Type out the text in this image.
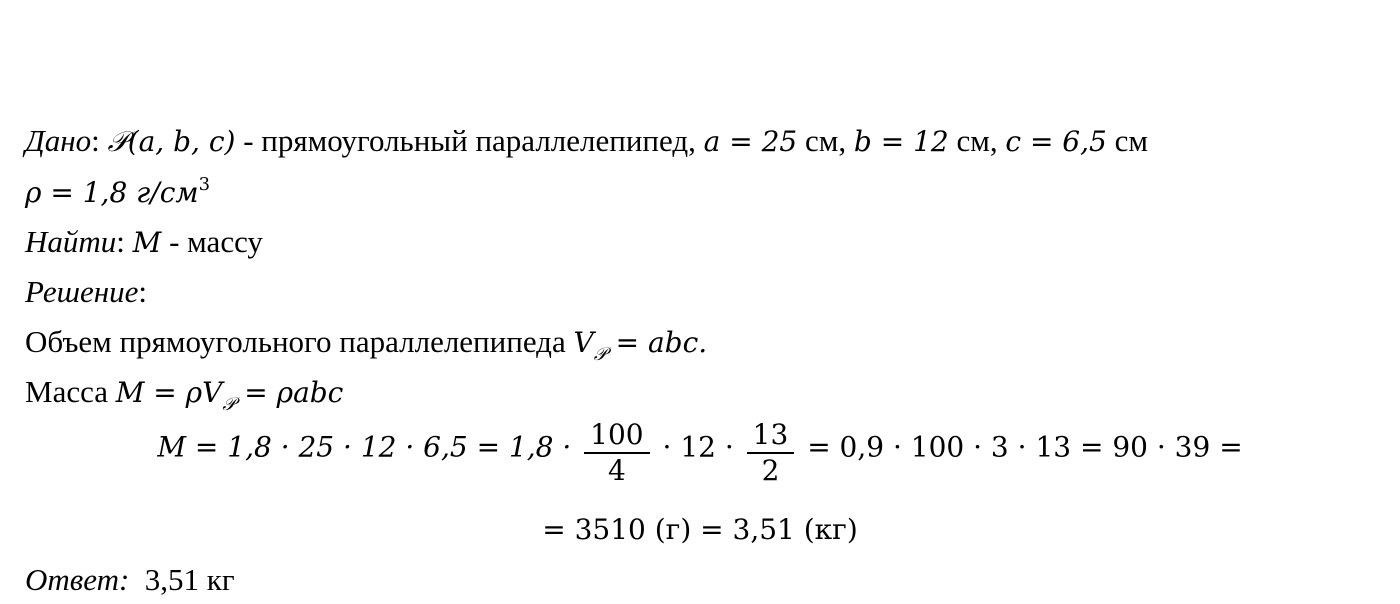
Дано: 𝒫(a, b, c) - прямоугольный параллелепипед, a = 25 см, b = 12 см, c = 6,5 см
ρ = 1,8 $г/см^3$
Найти: M - массу
Решение:
Объем прямоугольного параллелепипеда $V_𝒫$ = abc.
Масса $M = \rho V_𝒫 = \rho abc$
$M = 1,8 \cdot 25 \cdot 12 \cdot 6,5 = 1,8 \cdot \frac{100}{4} \cdot 12 \cdot \frac{13}{2} = 0,9 \cdot 100 \cdot 3 \cdot 13 = 90 \cdot 39$ =
= 3510 (г) = 3,51 (кг)
Ответ:  3,51 кг
